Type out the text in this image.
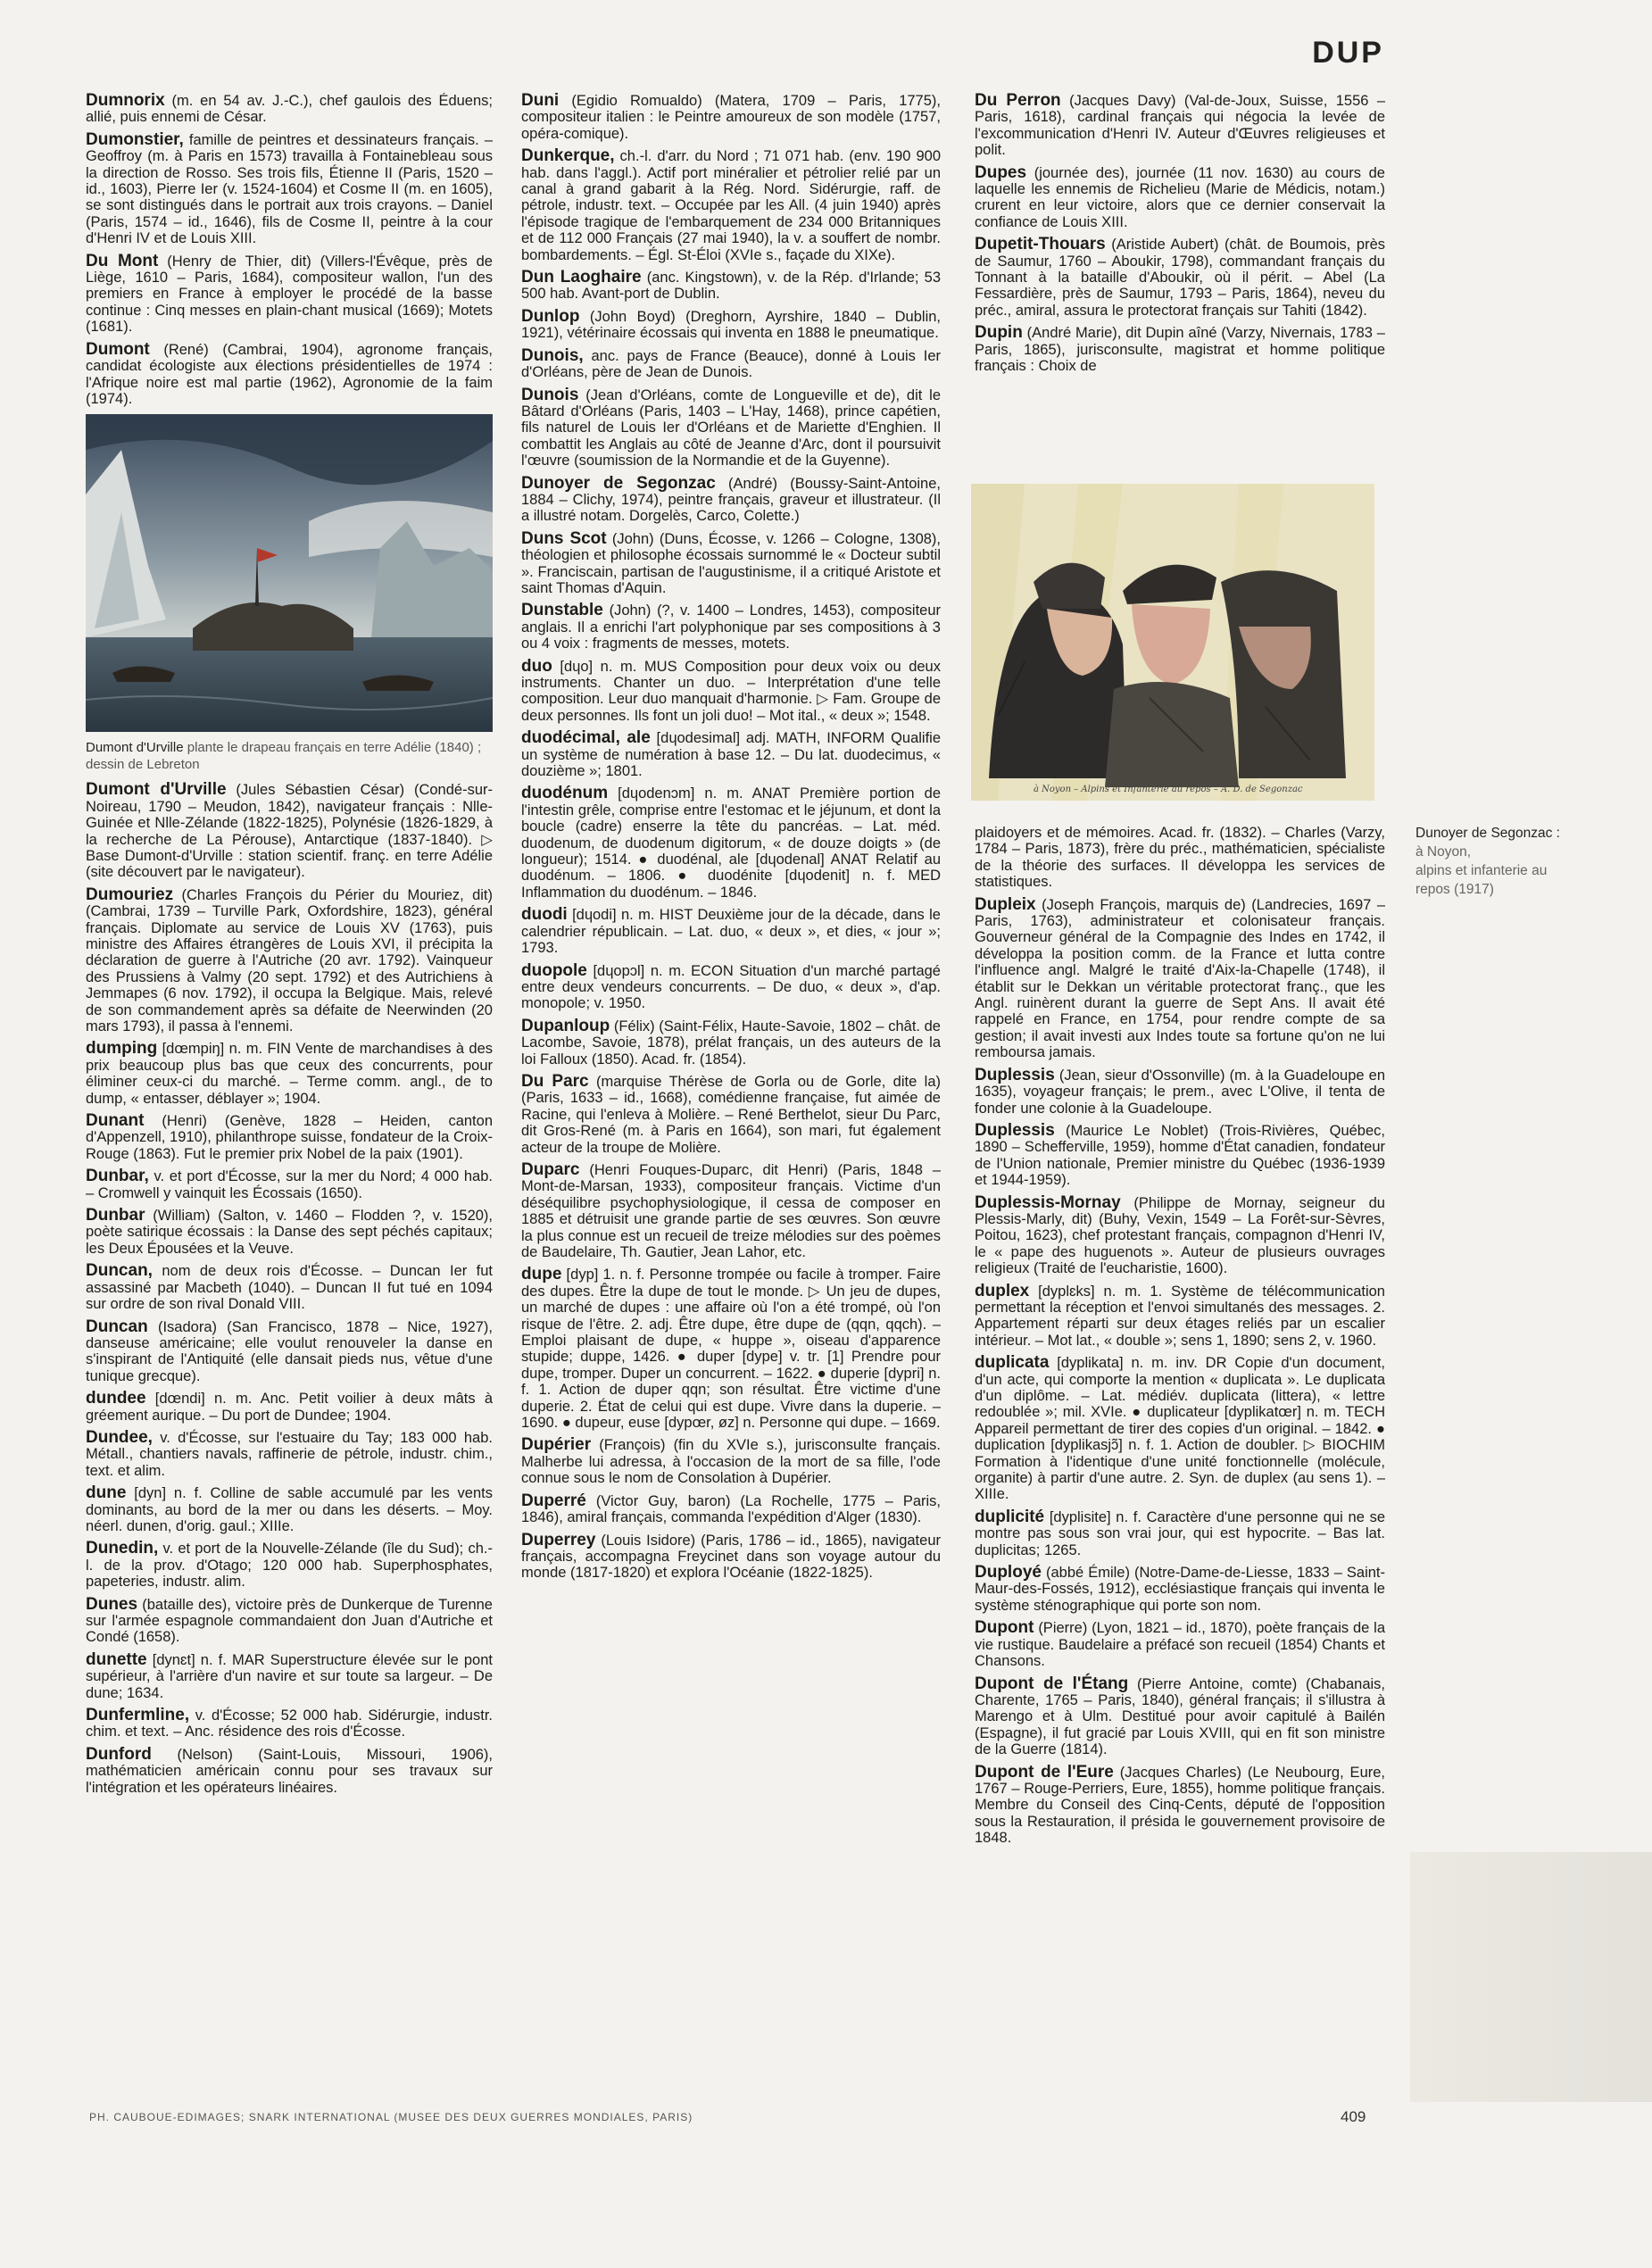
DUP

Dumnorix (m. en 54 av. J.-C.), chef gaulois des Éduens; allié, puis ennemi de César.

Dumonstier, famille de peintres et dessinateurs français. – Geoffroy (m. à Paris en 1573) travailla à Fontainebleau sous la direction de Rosso. Ses trois fils, Étienne II (Paris, 1520 – id., 1603), Pierre Ier (v. 1524-1604) et Cosme II (m. en 1605), se sont distingués dans le portrait aux trois crayons. – Daniel (Paris, 1574 – id., 1646), fils de Cosme II, peintre à la cour d'Henri IV et de Louis XIII.

Du Mont (Henry de Thier, dit) (Villers-l'Évêque, près de Liège, 1610 – Paris, 1684), compositeur wallon, l'un des premiers en France à employer le procédé de la basse continue : Cinq messes en plain-chant musical (1669); Motets (1681).

Dumont (René) (Cambrai, 1904), agronome français, candidat écologiste aux élections présidentielles de 1974 : l'Afrique noire est mal partie (1962), Agronomie de la faim (1974).

Dumont d'Urville plante le drapeau français en terre Adélie (1840) ; dessin de Lebreton

Dumont d'Urville (Jules Sébastien César) (Condé-sur-Noireau, 1790 – Meudon, 1842), navigateur français : Nlle-Guinée et Nlle-Zélande (1822-1825), Polynésie (1826-1829, à la recherche de La Pérouse), Antarctique (1837-1840). ▷ Base Dumont-d'Urville : station scientif. franç. en terre Adélie (site découvert par le navigateur).

Dumouriez (Charles François du Périer du Mouriez, dit) (Cambrai, 1739 – Turville Park, Oxfordshire, 1823), général français. Diplomate au service de Louis XV (1763), puis ministre des Affaires étrangères de Louis XVI, il précipita la déclaration de guerre à l'Autriche (20 avr. 1792). Vainqueur des Prussiens à Valmy (20 sept. 1792) et des Autrichiens à Jemmapes (6 nov. 1792), il occupa la Belgique. Mais, relevé de son commandement après sa défaite de Neerwinden (20 mars 1793), il passa à l'ennemi.

dumping [dœmpiŋ] n. m. FIN Vente de marchandises à des prix beaucoup plus bas que ceux des concurrents, pour éliminer ceux-ci du marché. – Terme comm. angl., de to dump, « entasser, déblayer »; 1904.

Dunant (Henri) (Genève, 1828 – Heiden, canton d'Appenzell, 1910), philanthrope suisse, fondateur de la Croix-Rouge (1863). Fut le premier prix Nobel de la paix (1901).

Dunbar, v. et port d'Écosse, sur la mer du Nord; 4 000 hab. – Cromwell y vainquit les Écossais (1650).

Dunbar (William) (Salton, v. 1460 – Flodden ?, v. 1520), poète satirique écossais : la Danse des sept péchés capitaux; les Deux Épousées et la Veuve.

Duncan, nom de deux rois d'Écosse. – Duncan Ier fut assassiné par Macbeth (1040). – Duncan II fut tué en 1094 sur ordre de son rival Donald VIII.

Duncan (Isadora) (San Francisco, 1878 – Nice, 1927), danseuse américaine; elle voulut renouveler la danse en s'inspirant de l'Antiquité (elle dansait pieds nus, vêtue d'une tunique grecque).

dundee [dœndi] n. m. Anc. Petit voilier à deux mâts à gréement aurique. – Du port de Dundee; 1904.

Dundee, v. d'Écosse, sur l'estuaire du Tay; 183 000 hab. Métall., chantiers navals, raffinerie de pétrole, industr. chim., text. et alim.

dune [dyn] n. f. Colline de sable accumulé par les vents dominants, au bord de la mer ou dans les déserts. – Moy. néerl. dunen, d'orig. gaul.; XIIIe.

Dunedin, v. et port de la Nouvelle-Zélande (île du Sud); ch.-l. de la prov. d'Otago; 120 000 hab. Superphosphates, papeteries, industr. alim.

Dunes (bataille des), victoire près de Dunkerque de Turenne sur l'armée espagnole commandaient don Juan d'Autriche et Condé (1658).

dunette [dynɛt] n. f. MAR Superstructure élevée sur le pont supérieur, à l'arrière d'un navire et sur toute sa largeur. – De dune; 1634.

Dunfermline, v. d'Écosse; 52 000 hab. Sidérurgie, industr. chim. et text. – Anc. résidence des rois d'Écosse.

Dunford (Nelson) (Saint-Louis, Missouri, 1906), mathématicien américain connu pour ses travaux sur l'intégration et les opérateurs linéaires.

Duni (Egidio Romualdo) (Matera, 1709 – Paris, 1775), compositeur italien : le Peintre amoureux de son modèle (1757, opéra-comique).

Dunkerque, ch.-l. d'arr. du Nord ; 71 071 hab. (env. 190 900 hab. dans l'aggl.). Actif port minéralier et pétrolier relié par un canal à grand gabarit à la Rég. Nord. Sidérurgie, raff. de pétrole, industr. text. – Occupée par les All. (4 juin 1940) après l'épisode tragique de l'embarquement de 234 000 Britanniques et de 112 000 Français (27 mai 1940), la v. a souffert de nombr. bombardements. – Égl. St-Éloi (XVIe s., façade du XIXe).

Dun Laoghaire (anc. Kingstown), v. de la Rép. d'Irlande; 53 500 hab. Avant-port de Dublin.

Dunlop (John Boyd) (Dreghorn, Ayrshire, 1840 – Dublin, 1921), vétérinaire écossais qui inventa en 1888 le pneumatique.

Dunois, anc. pays de France (Beauce), donné à Louis Ier d'Orléans, père de Jean de Dunois.

Dunois (Jean d'Orléans, comte de Longueville et de), dit le Bâtard d'Orléans (Paris, 1403 – L'Hay, 1468), prince capétien, fils naturel de Louis Ier d'Orléans et de Mariette d'Enghien. Il combattit les Anglais au côté de Jeanne d'Arc, dont il poursuivit l'œuvre (soumission de la Normandie et de la Guyenne).

Dunoyer de Segonzac (André) (Boussy-Saint-Antoine, 1884 – Clichy, 1974), peintre français, graveur et illustrateur. (Il a illustré notam. Dorgelès, Carco, Colette.)

Duns Scot (John) (Duns, Écosse, v. 1266 – Cologne, 1308), théologien et philosophe écossais surnommé le « Docteur subtil ». Franciscain, partisan de l'augustinisme, il a critiqué Aristote et saint Thomas d'Aquin.

Dunstable (John) (?, v. 1400 – Londres, 1453), compositeur anglais. Il a enrichi l'art polyphonique par ses compositions à 3 ou 4 voix : fragments de messes, motets.

duo [dɥo] n. m. MUS Composition pour deux voix ou deux instruments. Chanter un duo. – Interprétation d'une telle composition. Leur duo manquait d'harmonie. ▷ Fam. Groupe de deux personnes. Ils font un joli duo! – Mot ital., « deux »; 1548.

duodécimal, ale [dɥodesimal] adj. MATH, INFORM Qualifie un système de numération à base 12. – Du lat. duodecimus, « douzième »; 1801.

duodénum [dɥodenɔm] n. m. ANAT Première portion de l'intestin grêle, comprise entre l'estomac et le jéjunum, et dont la boucle (cadre) enserre la tête du pancréas. – Lat. méd. duodenum, de duodenum digitorum, « de douze doigts » (de longueur); 1514. ● duodénal, ale [dɥodenal] ANAT Relatif au duodénum. – 1806. ● duodénite [dɥodenit] n. f. MED Inflammation du duodénum. – 1846.

duodi [dɥodi] n. m. HIST Deuxième jour de la décade, dans le calendrier républicain. – Lat. duo, « deux », et dies, « jour »; 1793.

duopole [dɥopɔl] n. m. ECON Situation d'un marché partagé entre deux vendeurs concurrents. – De duo, « deux », d'ap. monopole; v. 1950.

Dupanloup (Félix) (Saint-Félix, Haute-Savoie, 1802 – chât. de Lacombe, Savoie, 1878), prélat français, un des auteurs de la loi Falloux (1850). Acad. fr. (1854).

Du Parc (marquise Thérèse de Gorla ou de Gorle, dite la) (Paris, 1633 – id., 1668), comédienne française, fut aimée de Racine, qui l'enleva à Molière. – René Berthelot, sieur Du Parc, dit Gros-René (m. à Paris en 1664), son mari, fut également acteur de la troupe de Molière.

Duparc (Henri Fouques-Duparc, dit Henri) (Paris, 1848 – Mont-de-Marsan, 1933), compositeur français. Victime d'un déséquilibre psychophysiologique, il cessa de composer en 1885 et détruisit une grande partie de ses œuvres. Son œuvre la plus connue est un recueil de treize mélodies sur des poèmes de Baudelaire, Th. Gautier, Jean Lahor, etc.

dupe [dyp] 1. n. f. Personne trompée ou facile à tromper. Faire des dupes. Être la dupe de tout le monde. ▷ Un jeu de dupes, un marché de dupes : une affaire où l'on a été trompé, où l'on risque de l'être. 2. adj. Être dupe, être dupe de (qqn, qqch). – Emploi plaisant de dupe, « huppe », oiseau d'apparence stupide; duppe, 1426. ● duper [dype] v. tr. [1] Prendre pour dupe, tromper. Duper un concurrent. – 1622. ● duperie [dypri] n. f. 1. Action de duper qqn; son résultat. Être victime d'une duperie. 2. État de celui qui est dupe. Vivre dans la duperie. – 1690. ● dupeur, euse [dypœr, øz] n. Personne qui dupe. – 1669.

Dupérier (François) (fin du XVIe s.), jurisconsulte français. Malherbe lui adressa, à l'occasion de la mort de sa fille, l'ode connue sous le nom de Consolation à Dupérier.

Duperré (Victor Guy, baron) (La Rochelle, 1775 – Paris, 1846), amiral français, commanda l'expédition d'Alger (1830).

Duperrey (Louis Isidore) (Paris, 1786 – id., 1865), navigateur français, accompagna Freycinet dans son voyage autour du monde (1817-1820) et explora l'Océanie (1822-1825).

Du Perron (Jacques Davy) (Val-de-Joux, Suisse, 1556 – Paris, 1618), cardinal français qui négocia la levée de l'excommunication d'Henri IV. Auteur d'Œuvres religieuses et polit.

Dupes (journée des), journée (11 nov. 1630) au cours de laquelle les ennemis de Richelieu (Marie de Médicis, notam.) crurent en leur victoire, alors que ce dernier conservait la confiance de Louis XIII.

Dupetit-Thouars (Aristide Aubert) (chât. de Boumois, près de Saumur, 1760 – Aboukir, 1798), commandant français du Tonnant à la bataille d'Aboukir, où il périt. – Abel (La Fessardière, près de Saumur, 1793 – Paris, 1864), neveu du préc., amiral, assura le protectorat français sur Tahiti (1842).

Dupin (André Marie), dit Dupin aîné (Varzy, Nivernais, 1783 – Paris, 1865), jurisconsulte, magistrat et homme politique français : Choix de

à Noyon – Alpins et Infanterie au repos – A. D. de Segonzac
Dunoyer de Segonzac :
à Noyon,
alpins et infanterie au repos (1917)

plaidoyers et de mémoires. Acad. fr. (1832). – Charles (Varzy, 1784 – Paris, 1873), frère du préc., mathématicien, spécialiste de la théorie des surfaces. Il développa les services de statistiques.

Dupleix (Joseph François, marquis de) (Landrecies, 1697 – Paris, 1763), administrateur et colonisateur français. Gouverneur général de la Compagnie des Indes en 1742, il développa la position comm. de la France et lutta contre l'influence angl. Malgré le traité d'Aix-la-Chapelle (1748), il établit sur le Dekkan un véritable protectorat franç., que les Angl. ruinèrent durant la guerre de Sept Ans. Il avait été rappelé en France, en 1754, pour rendre compte de sa gestion; il avait investi aux Indes toute sa fortune qu'on ne lui remboursa jamais.

Duplessis (Jean, sieur d'Ossonville) (m. à la Guadeloupe en 1635), voyageur français; le prem., avec L'Olive, il tenta de fonder une colonie à la Guadeloupe.

Duplessis (Maurice Le Noblet) (Trois-Rivières, Québec, 1890 – Schefferville, 1959), homme d'État canadien, fondateur de l'Union nationale, Premier ministre du Québec (1936-1939 et 1944-1959).

Duplessis-Mornay (Philippe de Mornay, seigneur du Plessis-Marly, dit) (Buhy, Vexin, 1549 – La Forêt-sur-Sèvres, Poitou, 1623), chef protestant français, compagnon d'Henri IV, le « pape des huguenots ». Auteur de plusieurs ouvrages religieux (Traité de l'eucharistie, 1600).

duplex [dyplɛks] n. m. 1. Système de télécommunication permettant la réception et l'envoi simultanés des messages. 2. Appartement réparti sur deux étages reliés par un escalier intérieur. – Mot lat., « double »; sens 1, 1890; sens 2, v. 1960.

duplicata [dyplikata] n. m. inv. DR Copie d'un document, d'un acte, qui comporte la mention « duplicata ». Le duplicata d'un diplôme. – Lat. médiév. duplicata (littera), « lettre redoublée »; mil. XVIe. ● duplicateur [dyplikatœr] n. m. TECH Appareil permettant de tirer des copies d'un original. – 1842. ● duplication [dyplikasjɔ̃] n. f. 1. Action de doubler. ▷ BIOCHIM Formation à l'identique d'une unité fonctionnelle (molécule, organite) à partir d'une autre. 2. Syn. de duplex (au sens 1). – XIIIe.

duplicité [dyplisite] n. f. Caractère d'une personne qui ne se montre pas sous son vrai jour, qui est hypocrite. – Bas lat. duplicitas; 1265.

Duployé (abbé Émile) (Notre-Dame-de-Liesse, 1833 – Saint-Maur-des-Fossés, 1912), ecclésiastique français qui inventa le système sténographique qui porte son nom.

Dupont (Pierre) (Lyon, 1821 – id., 1870), poète français de la vie rustique. Baudelaire a préfacé son recueil (1854) Chants et Chansons.

Dupont de l'Étang (Pierre Antoine, comte) (Chabanais, Charente, 1765 – Paris, 1840), général français; il s'illustra à Marengo et à Ulm. Destitué pour avoir capitulé à Bailén (Espagne), il fut gracié par Louis XVIII, qui en fit son ministre de la Guerre (1814).

Dupont de l'Eure (Jacques Charles) (Le Neubourg, Eure, 1767 – Rouge-Perriers, Eure, 1855), homme politique français. Membre du Conseil des Cinq-Cents, député de l'opposition sous la Restauration, il présida le gouvernement provisoire de 1848.

PH. CAUBOUE-EDIMAGES; SNARK INTERNATIONAL (MUSEE DES DEUX GUERRES MONDIALES, PARIS)	409
